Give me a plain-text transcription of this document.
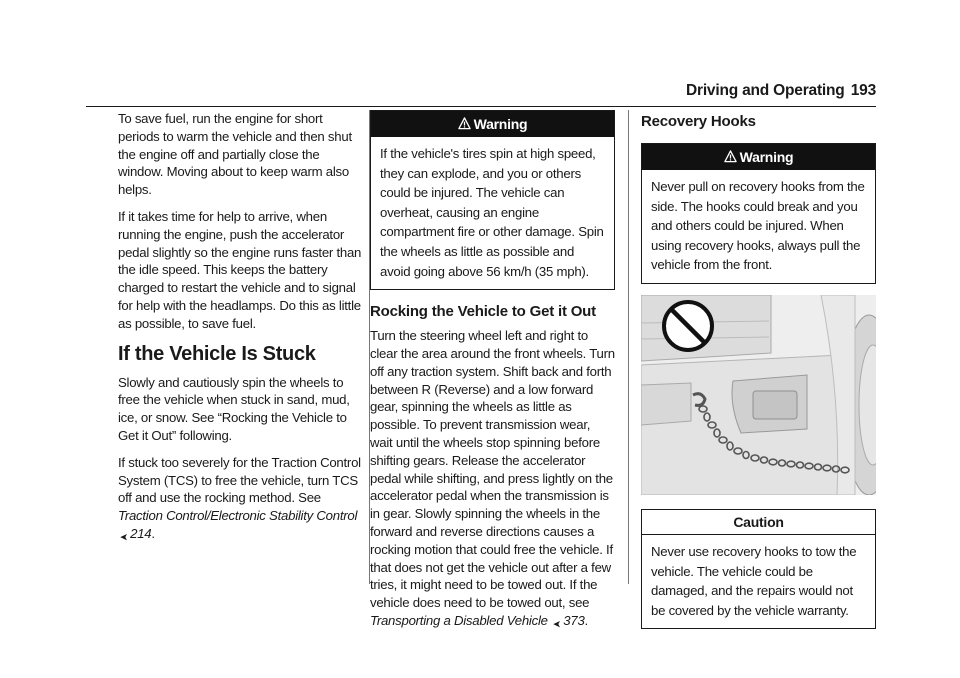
Driving and Operating 193

To save fuel, run the engine for short periods to warm the vehicle and then shut the engine off and partially close the window. Moving about to keep warm also helps.

If it takes time for help to arrive, when running the engine, push the accelerator pedal slightly so the engine runs faster than the idle speed. This keeps the battery charged to restart the vehicle and to signal for help with the headlamps. Do this as little as possible, to save fuel.

If the Vehicle Is Stuck

Slowly and cautiously spin the wheels to free the vehicle when stuck in sand, mud, ice, or snow. See “Rocking the Vehicle to Get it Out” following.

If stuck too severely for the Traction Control System (TCS) to free the vehicle, turn TCS off and use the rocking method. See Traction Control/Electronic Stability Control ➤ 214.

Warning
If the vehicle's tires spin at high speed, they can explode, and you or others could be injured. The vehicle can overheat, causing an engine compartment fire or other damage. Spin the wheels as little as possible and avoid going above 56 km/h (35 mph).
Rocking the Vehicle to Get it Out

Turn the steering wheel left and right to clear the area around the front wheels. Turn off any traction system. Shift back and forth between R (Reverse) and a low forward gear, spinning the wheels as little as possible. To prevent transmission wear, wait until the wheels stop spinning before shifting gears. Release the accelerator pedal while shifting, and press lightly on the accelerator pedal when the transmission is in gear. Slowly spinning the wheels in the forward and reverse directions causes a rocking motion that could free the vehicle. If that does not get the vehicle out after a few tries, it might need to be towed out. If the vehicle does need to be towed out, see Transporting a Disabled Vehicle ➤ 373.

Recovery Hooks
Warning
Never pull on recovery hooks from the side. The hooks could break and you and others could be injured. When using recovery hooks, always pull the vehicle from the front.
Caution
Never use recovery hooks to tow the vehicle. The vehicle could be damaged, and the repairs would not be covered by the vehicle warranty.
